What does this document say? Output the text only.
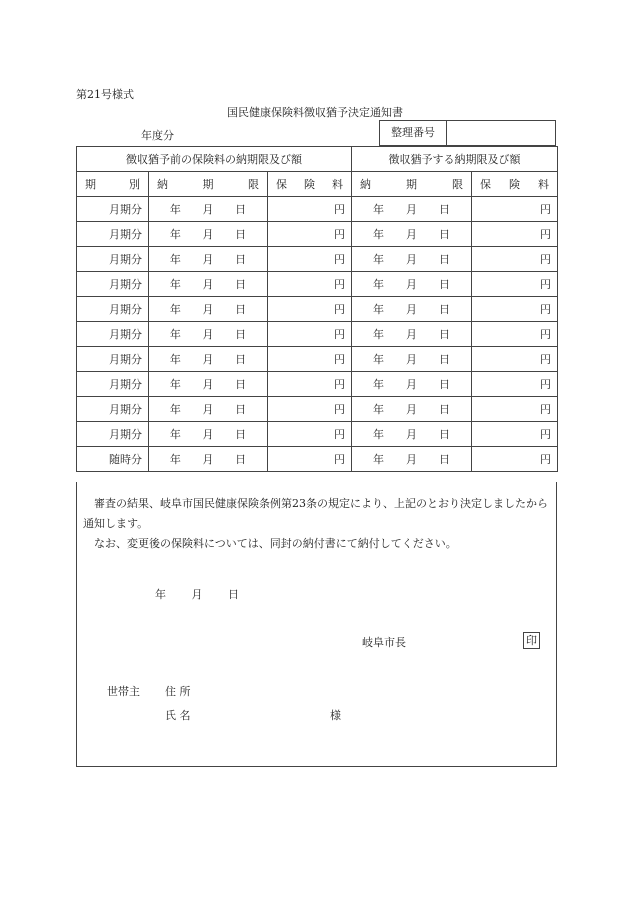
第21号様式
国民健康保険料徴収猶予決定通知書
年度分	整理番号
徴収猶予前の保険料の納期限及び額			徴収猶予する納期限及び額	

期 別	納 期 限	保 険 料	納 期 限	保 険 料

月期分	年 月 日	円	年 月 日	円
月期分	年 月 日	円	年 月 日	円
月期分	年 月 日	円	年 月 日	円
月期分	年 月 日	円	年 月 日	円
月期分	年 月 日	円	年 月 日	円
月期分	年 月 日	円	年 月 日	円
月期分	年 月 日	円	年 月 日	円
月期分	年 月 日	円	年 月 日	円
月期分	年 月 日	円	年 月 日	円
月期分	年 月 日	円	年 月 日	円
随時分	年 月 日	円	年 月 日	円
審査の結果、岐阜市国民健康保険条例第23条の規定により、上記のとおり決定しましたから通知します。
なお、変更後の保険料については、同封の納付書にて納付してください。
年 月 日
岐阜市長	印
世帯主 住 所
氏 名	様
